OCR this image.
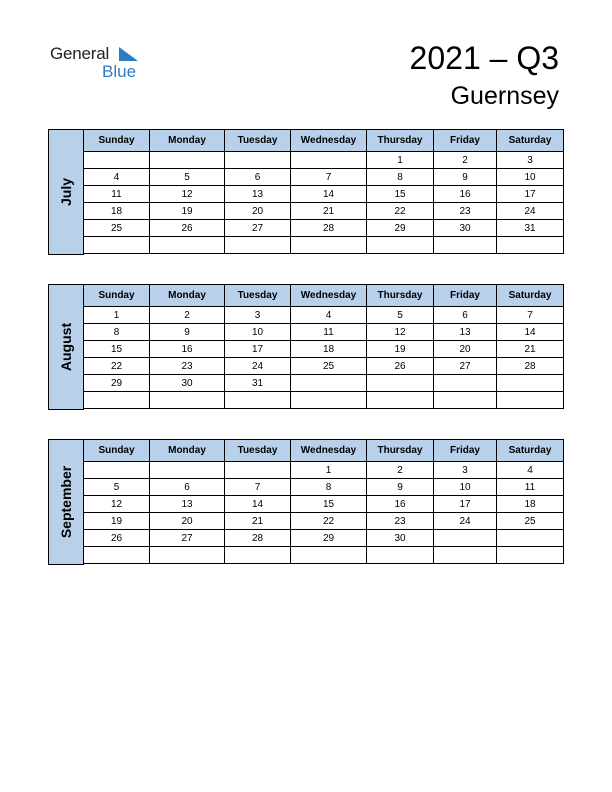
General
Blue	2021 – Q3
Guernsey
July
Sunday	Monday	Tuesday	Wednesday	Thursday	Friday	Saturday
				1	2	3
4	5	6	7	8	9	10
11	12	13	14	15	16	17
18	19	20	21	22	23	24
25	26	27	28	29	30	31

August
Sunday	Monday	Tuesday	Wednesday	Thursday	Friday	Saturday
1	2	3	4	5	6	7
8	9	10	11	12	13	14
15	16	17	18	19	20	21
22	23	24	25	26	27	28
29	30	31				

September
Sunday	Monday	Tuesday	Wednesday	Thursday	Friday	Saturday
			1	2	3	4
5	6	7	8	9	10	11
12	13	14	15	16	17	18
19	20	21	22	23	24	25
26	27	28	29	30		
